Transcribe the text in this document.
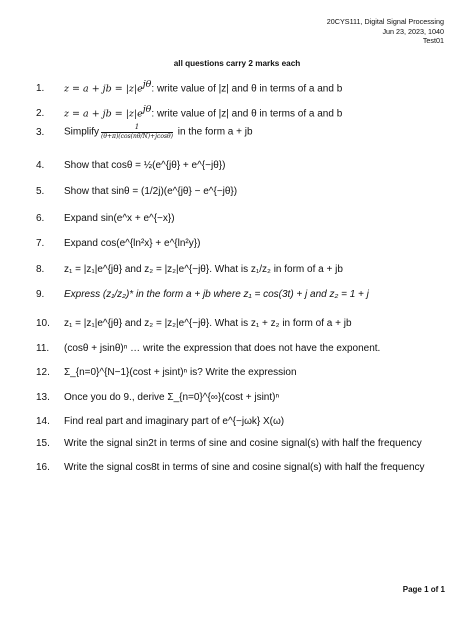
20CYS111, Digital Signal Processing
Jun 23, 2023, 1040
Test01
all questions carry 2 marks each
1. z = a + jb = $|z|e^{j\theta}$: write value of |z| and θ in terms of a and b
2. z = a + jb = $|z|e^{j\theta}$: write value of |z| and θ in terms of a and b
3. Simplify $\frac{1}{(\theta+\pi)(\cos(n\theta/N)+jcos\theta)}$ in the form a + jb
4. Show that cosθ = ½(e^{jθ} + e^{−jθ})
5. Show that sinθ = (1/2j)(e^{jθ} − e^{−jθ})
6. Expand sin(e^x + e^{−x})
7. Expand cos(e^{ln²x} + e^{ln²y})
8. z₁ = |z₁|e^{jθ} and z₂ = |z₂|e^{−jθ}. What is z₁/z₂ in form of a + jb
9. Express (z₁/z₂)* in the form a + jb where z₁ = cos(3t) + j and z₂ = 1 + j
10. z₁ = |z₁|e^{jθ} and z₂ = |z₂|e^{−jθ}. What is z₁ + z₂ in form of a + jb
11. (cosθ + jsinθ)ⁿ … write the expression that does not have the exponent.
12. Σ_{n=0}^{N−1}(cost + jsint)ⁿ is? Write the expression
13. Once you do 9., derive Σ_{n=0}^{∞}(cost + jsint)ⁿ
14. Find real part and imaginary part of e^{−jωk} X(ω)
15. Write the signal sin2t in terms of sine and cosine signal(s) with half the frequency
16. Write the signal cos8t in terms of sine and cosine signal(s) with half the frequency
Page 1 of 1
